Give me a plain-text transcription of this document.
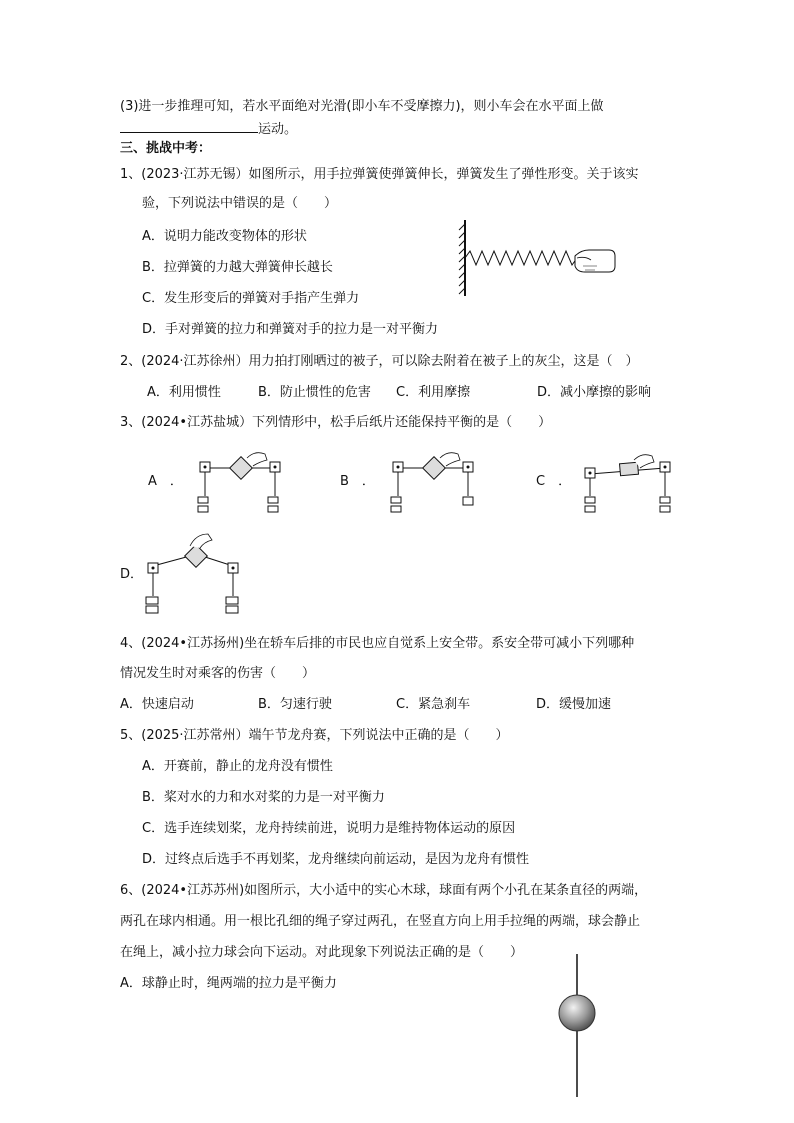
(3)进一步推理可知，若水平面绝对光滑(即小车不受摩擦力)，则小车会在水平面上做
运动。
三、挑战中考：
1、(2023·江苏无锡）如图所示，用手拉弹簧使弹簧伸长，弹簧发生了弹性形变。关于该实
验，下列说法中错误的是（　　）
A．说明力能改变物体的形状
B．拉弹簧的力越大弹簧伸长越长
C．发生形变后的弹簧对手指产生弹力
D．手对弹簧的拉力和弹簧对手的拉力是一对平衡力
2、(2024·江苏徐州）用力拍打刚晒过的被子，可以除去附着在被子上的灰尘，这是（　）
A．利用惯性	B．防止惯性的危害 C．利用摩擦	D．减小摩擦的影响
3、(2024•江苏盐城）下列情形中，松手后纸片还能保持平衡的是（　　）
A　．	B　．	C　．
D．
4、(2024•江苏扬州)坐在轿车后排的市民也应自觉系上安全带。系安全带可减小下列哪种
情况发生时对乘客的伤害（　　）
A．快速启动	B．匀速行驶	C．紧急刹车	D．缓慢加速
5、(2025·江苏常州）端午节龙舟赛，下列说法中正确的是（　　）
A．开赛前，静止的龙舟没有惯性
B．桨对水的力和水对桨的力是一对平衡力
C．选手连续划桨，龙舟持续前进，说明力是维持物体运动的原因
D．过终点后选手不再划桨，龙舟继续向前运动，是因为龙舟有惯性
6、(2024•江苏苏州)如图所示，大小适中的实心木球，球面有两个小孔在某条直径的两端，
两孔在球内相通。用一根比孔细的绳子穿过两孔，在竖直方向上用手拉绳的两端，球会静止
在绳上，减小拉力球会向下运动。对此现象下列说法正确的是（　　）
A．球静止时，绳两端的拉力是平衡力
